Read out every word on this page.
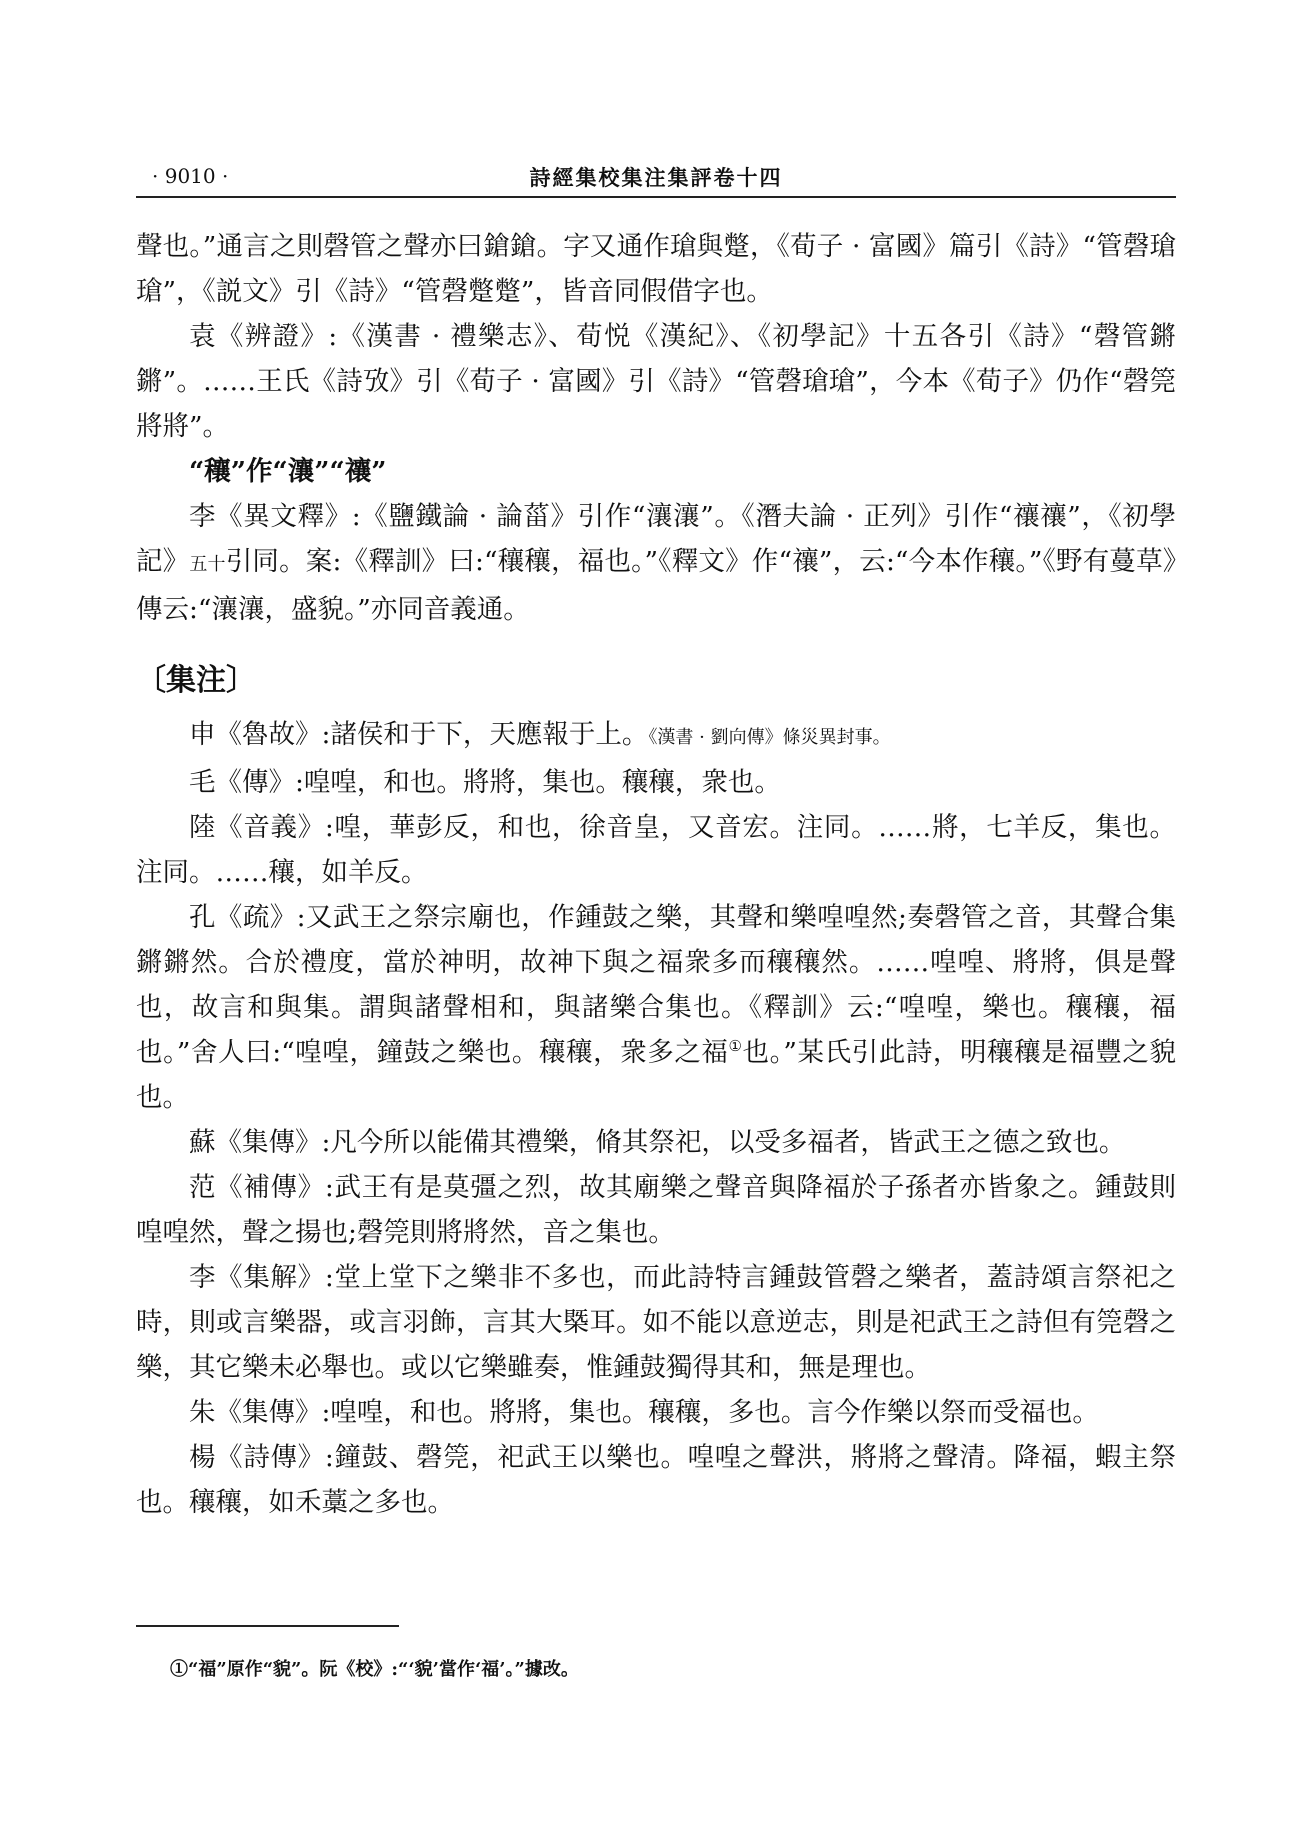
· 9010 ·	詩經集校集注集評卷十四

聲也。”通言之則磬管之聲亦曰鎗鎗。字又通作瑲與蹩，《荀子 · 富國》篇引《詩》“管磬瑲瑲”，《説文》引《詩》“管磬蹩蹩”，皆音同假借字也。

袁《辨證》:《漢書 · 禮樂志》、荀悦《漢紀》、《初學記》十五各引《詩》“磬管鏘鏘”。……王氏《詩攷》引《荀子 · 富國》引《詩》“管磬瑲瑲”，今本《荀子》仍作“磬筦將將”。

“穰”作“瀼”“禳”

李《異文釋》:《鹽鐵論 · 論菑》引作“瀼瀼”。《潛夫論 · 正列》引作“禳禳”，《初學記》五十引同。案:《釋訓》曰:“穰穰，福也。”《釋文》作“禳”，云:“今本作穰。”《野有蔓草》傳云:“瀼瀼，盛貌。”亦同音義通。

〔集注〕

申《魯故》:諸侯和于下，天應報于上。《漢書 · 劉向傳》條災異封事。

毛《傳》:喤喤，和也。將將，集也。穰穰，衆也。

陸《音義》:喤，華彭反，和也，徐音皇，又音宏。注同。……將，七羊反，集也。注同。……穰，如羊反。

孔《疏》:又武王之祭宗廟也，作鍾鼓之樂，其聲和樂喤喤然;奏磬管之音，其聲合集鏘鏘然。合於禮度，當於神明，故神下與之福衆多而穰穰然。……喤喤、將將，俱是聲也，故言和與集。謂與諸聲相和，與諸樂合集也。《釋訓》云:“喤喤，樂也。穰穰，福也。”舍人曰:“喤喤，鐘鼓之樂也。穰穰，衆多之福①也。”某氏引此詩，明穰穰是福豐之貌也。

蘇《集傳》:凡今所以能備其禮樂，脩其祭祀，以受多福者，皆武王之德之致也。

范《補傳》:武王有是莫彊之烈，故其廟樂之聲音與降福於子孫者亦皆象之。鍾鼓則喤喤然，聲之揚也;磬筦則將將然，音之集也。

李《集解》:堂上堂下之樂非不多也，而此詩特言鍾鼓管磬之樂者，蓋詩頌言祭祀之時，則或言樂器，或言羽飾，言其大槩耳。如不能以意逆志，則是祀武王之詩但有筦磬之樂，其它樂未必舉也。或以它樂雖奏，惟鍾鼓獨得其和，無是理也。

朱《集傳》:喤喤，和也。將將，集也。穰穰，多也。言今作樂以祭而受福也。

楊《詩傳》:鐘鼓、磬筦，祀武王以樂也。喤喤之聲洪，將將之聲清。降福，蝦主祭也。穰穰，如禾藁之多也。

①“福”原作“貌”。阮《校》:“‘貌’當作‘福’。”據改。
